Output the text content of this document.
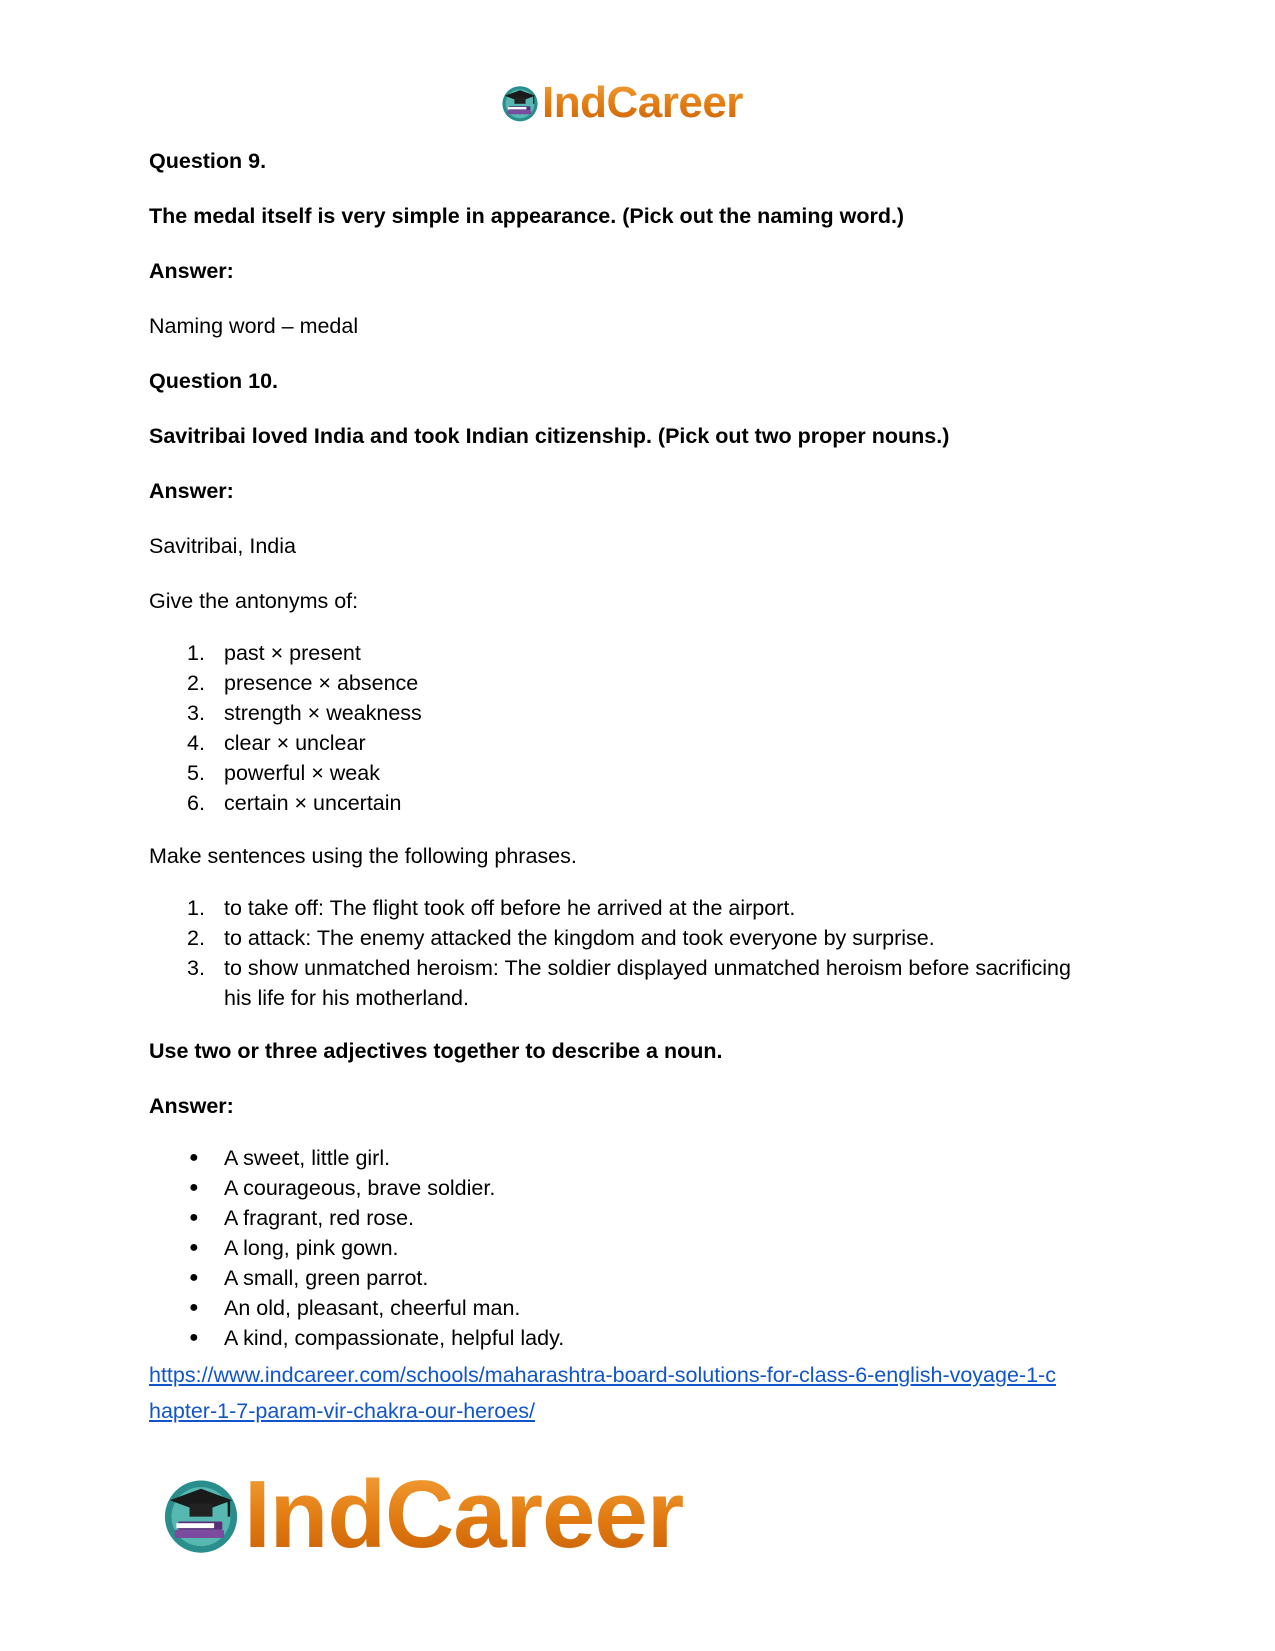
IndCareer

Question 9.

The medal itself is very simple in appearance. (Pick out the naming word.)

Answer:

Naming word – medal

Question 10.

Savitribai loved India and took Indian citizenship. (Pick out two proper nouns.)

Answer:

Savitribai, India

Give the antonyms of:

1. past × present
2. presence × absence
3. strength × weakness
4. clear × unclear
5. powerful × weak
6. certain × uncertain

Make sentences using the following phrases.

1. to take off: The flight took off before he arrived at the airport.
2. to attack: The enemy attacked the kingdom and took everyone by surprise.
3. to show unmatched heroism: The soldier displayed unmatched heroism before sacrificing his life for his motherland.

Use two or three adjectives together to describe a noun.

Answer:

● A sweet, little girl.
● A courageous, brave soldier.
● A fragrant, red rose.
● A long, pink gown.
● A small, green parrot.
● An old, pleasant, cheerful man.
● A kind, compassionate, helpful lady.
https://www.indcareer.com/schools/maharashtra-board-solutions-for-class-6-english-voyage-1-c
hapter-1-7-param-vir-chakra-our-heroes/
IndCareer
